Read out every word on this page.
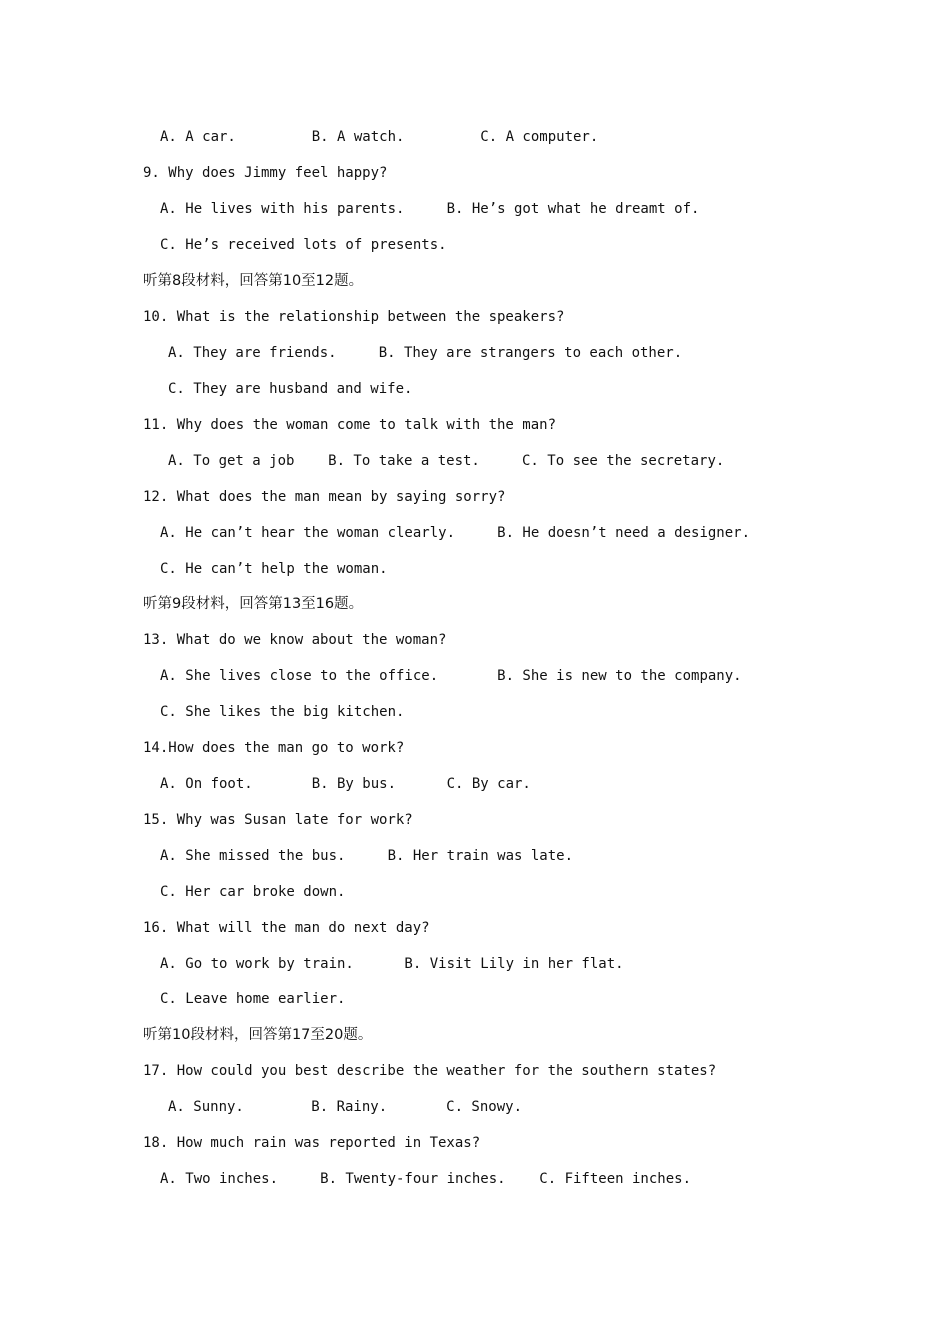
A. A car.         B. A watch.         C. A computer.
9. Why does Jimmy feel happy?
A. He lives with his parents.     B. He’s got what he dreamt of.
C. He’s received lots of presents.
听第8段材料，回答第10至12题。
10. What is the relationship between the speakers?
A. They are friends.     B. They are strangers to each other.
C. They are husband and wife.
11. Why does the woman come to talk with the man?
A. To get a job    B. To take a test.     C. To see the secretary.
12. What does the man mean by saying sorry?
A. He can’t hear the woman clearly.     B. He doesn’t need a designer.
C. He can’t help the woman.
听第9段材料，回答第13至16题。
13. What do we know about the woman?
A. She lives close to the office.       B. She is new to the company.
C. She likes the big kitchen.
14.How does the man go to work?
A. On foot.       B. By bus.      C. By car.
15. Why was Susan late for work?
A. She missed the bus.     B. Her train was late.
C. Her car broke down.
16. What will the man do next day?
A. Go to work by train.      B. Visit Lily in her flat.
C. Leave home earlier.
听第10段材料，回答第17至20题。
17. How could you best describe the weather for the southern states?
A. Sunny.        B. Rainy.       C. Snowy.
18. How much rain was reported in Texas?
A. Two inches.     B. Twenty-four inches.    C. Fifteen inches.
